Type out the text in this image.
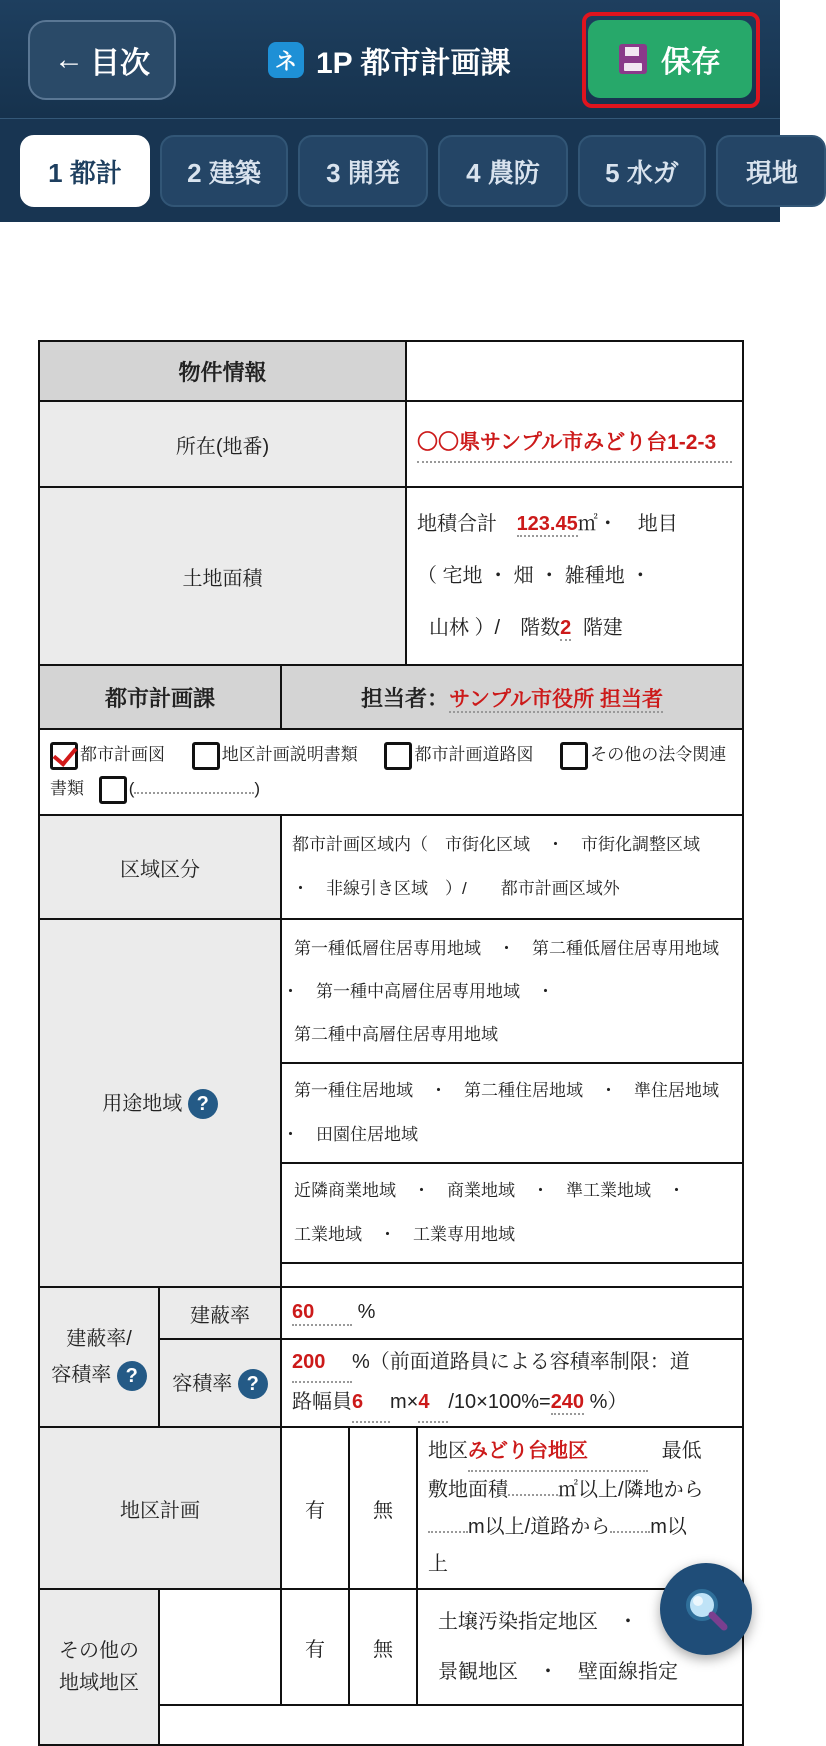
← 目次	ネ 1P 都市計画課	保存
1 都計	2 建築	3 開発	4 農防	5 水ガ	現地
物件情報	
所在(地番)	〇〇県サンプル市みどり台1-2-3

土地面積	地積合計 123.45㎡・　地目
（ 宅地 ・ 畑 ・ 雑種地 ・
山林 ）/　階数2 階建
都市計画課		担当者：サンプル市役所 担当者		
都市計画図 地区計画説明書類 都市計画道路図 その他の法令関連書類 ( )				
区域区分		都市計画区域内（　市街化区域　・　市街化調整区域
・　非線引き区域　）/　　都市計画区域外		
用途地域 ?		第一種低層住居専用地域　・　第二種低層住居専用地域
・　第一種中高層住居専用地域　・
第二種中高層住居専用地域		
		第一種住居地域　・　第二種住居地域　・　準住居地域
・　田園住居地域		
		近隣商業地域　・　商業地域　・　準工業地域　・
工業地域　・　工業専用地域		

建蔽率/
容積率 ?	建蔽率	60 %		
	容積率 ?	200 %（前面道路員による容積率制限：道
路幅員6 m×4 /10×100%=240 %）		
地区計画		有	無	地区みどり台地区 最低
敷地面積 ㎡以上/隣地から
m以上/道路から m以
上
その他の
地域地区		有	無	土壌汚染指定地区　・
景観地区　・　壁面線指定
